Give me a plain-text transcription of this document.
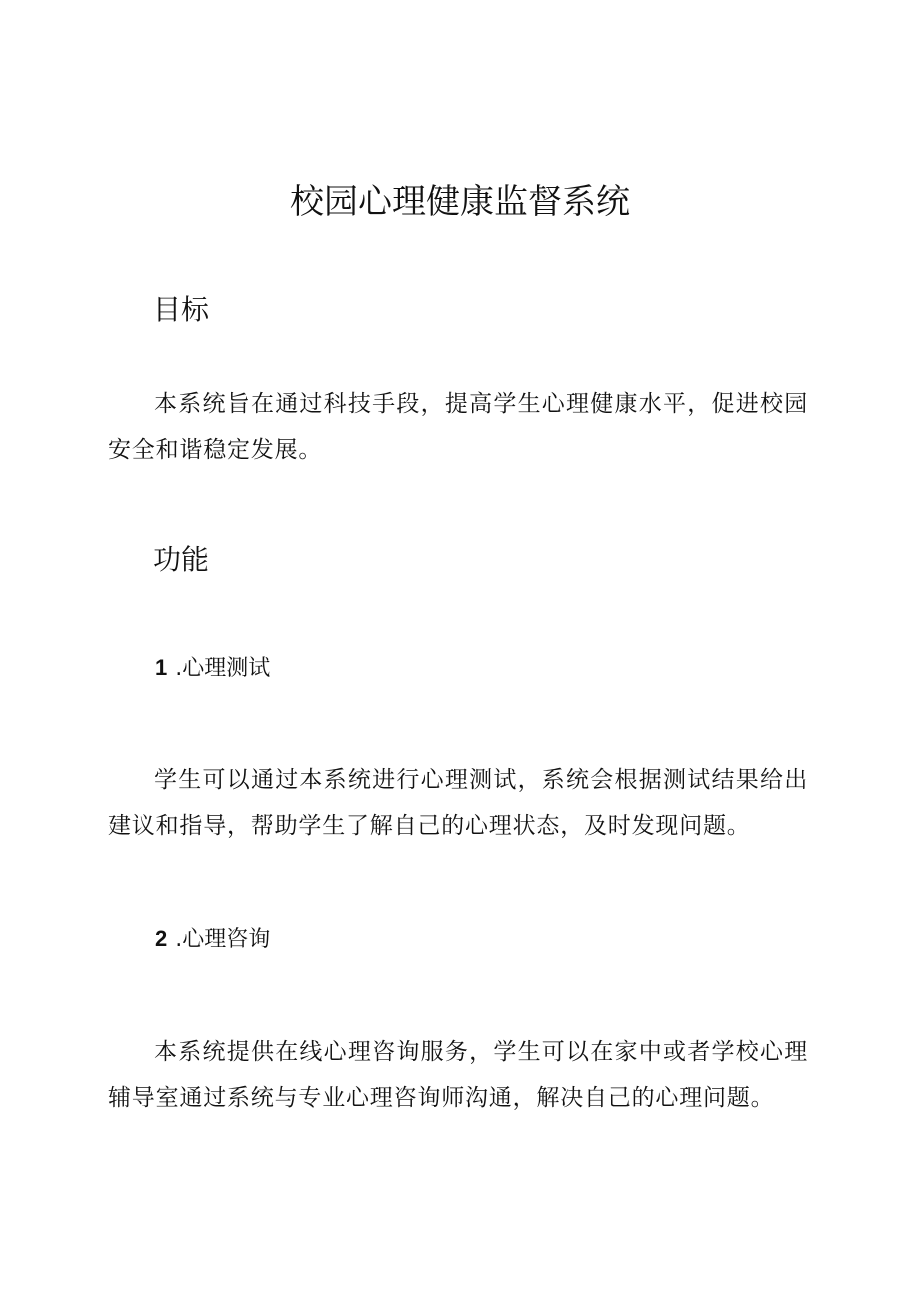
校园心理健康监督系统
目标

本系统旨在通过科技手段，提高学生心理健康水平，促进校园安全和谐稳定发展。

功能
1 .心理测试

学生可以通过本系统进行心理测试，系统会根据测试结果给出建议和指导，帮助学生了解自己的心理状态，及时发现问题。

2 .心理咨询

本系统提供在线心理咨询服务，学生可以在家中或者学校心理辅导室通过系统与专业心理咨询师沟通，解决自己的心理问题。
